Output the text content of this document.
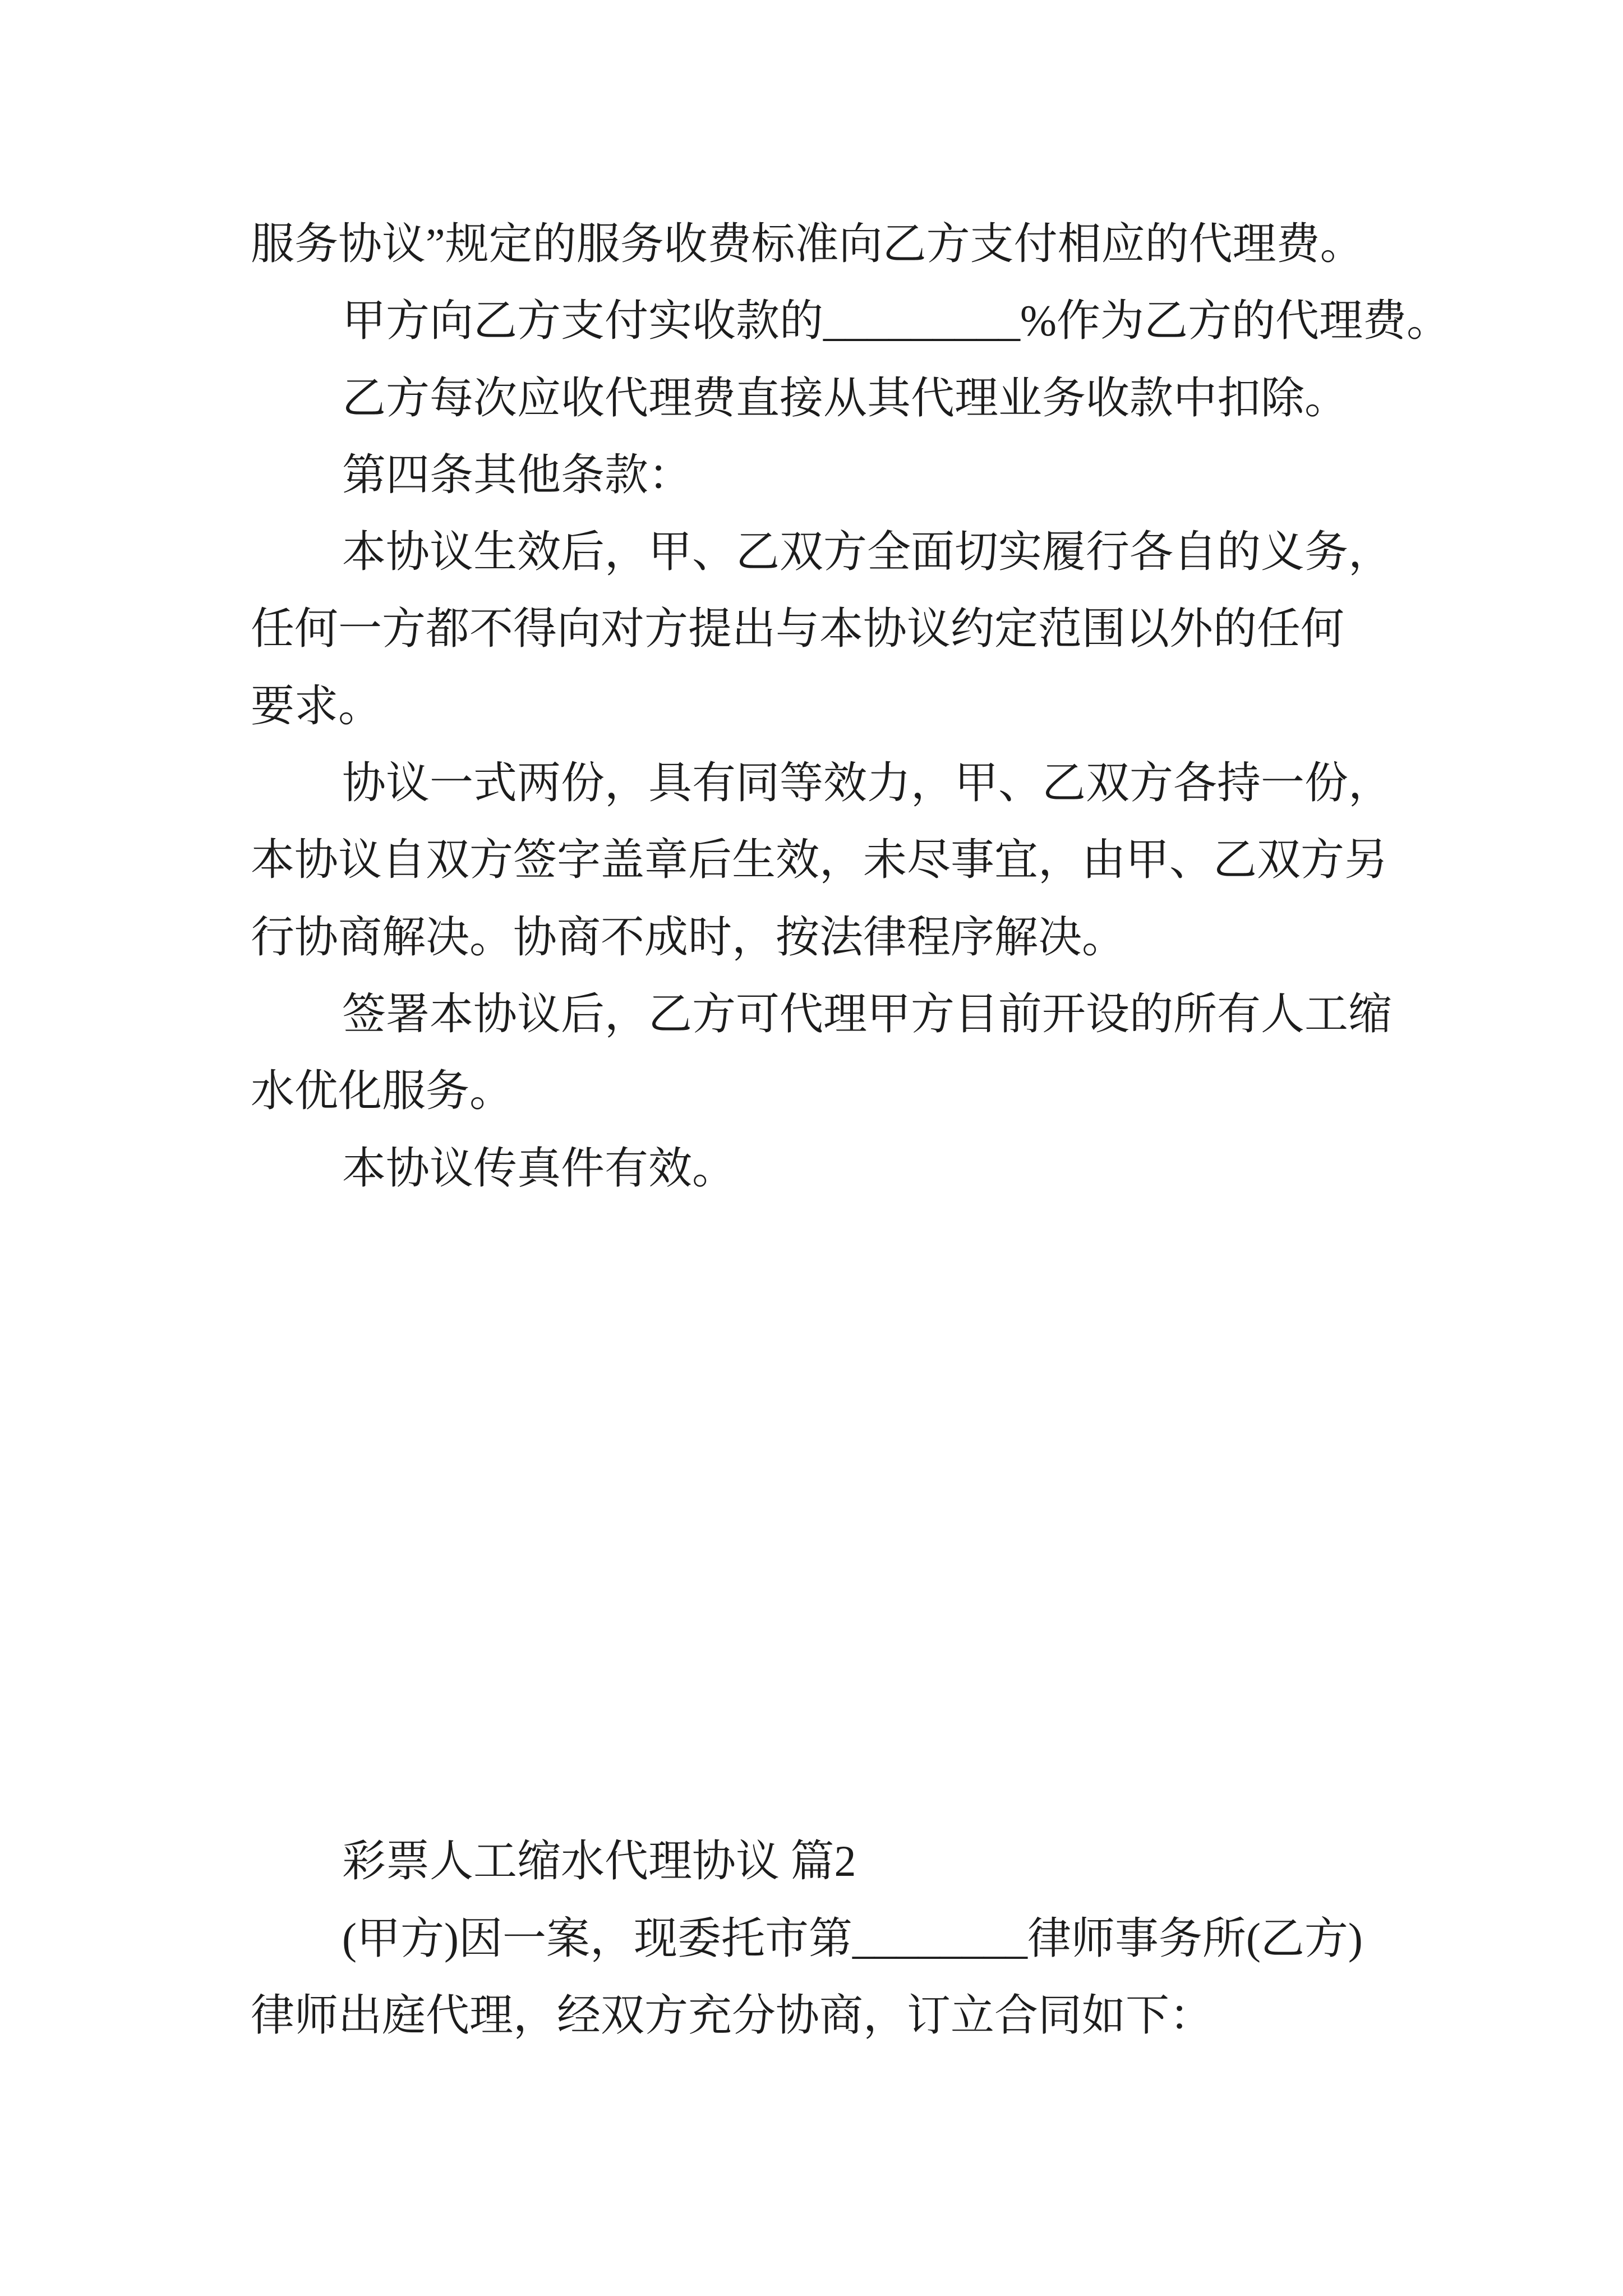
服务协议”规定的服务收费标准向乙方支付相应的代理费。
甲方向乙方支付实收款的_________%作为乙方的代理费。
乙方每次应收代理费直接从其代理业务收款中扣除。
第四条其他条款：
本协议生效后，甲、乙双方全面切实履行各自的义务，
任何一方都不得向对方提出与本协议约定范围以外的任何
要求。
协议一式两份，具有同等效力，甲、乙双方各持一份，
本协议自双方签字盖章后生效，未尽事宜，由甲、乙双方另
行协商解决。协商不成时，按法律程序解决。
签署本协议后，乙方可代理甲方目前开设的所有人工缩
水优化服务。
本协议传真件有效。

彩票人工缩水代理协议 篇2
(甲方)因一案，现委托市第________律师事务所(乙方)
律师出庭代理，经双方充分协商，订立合同如下：
